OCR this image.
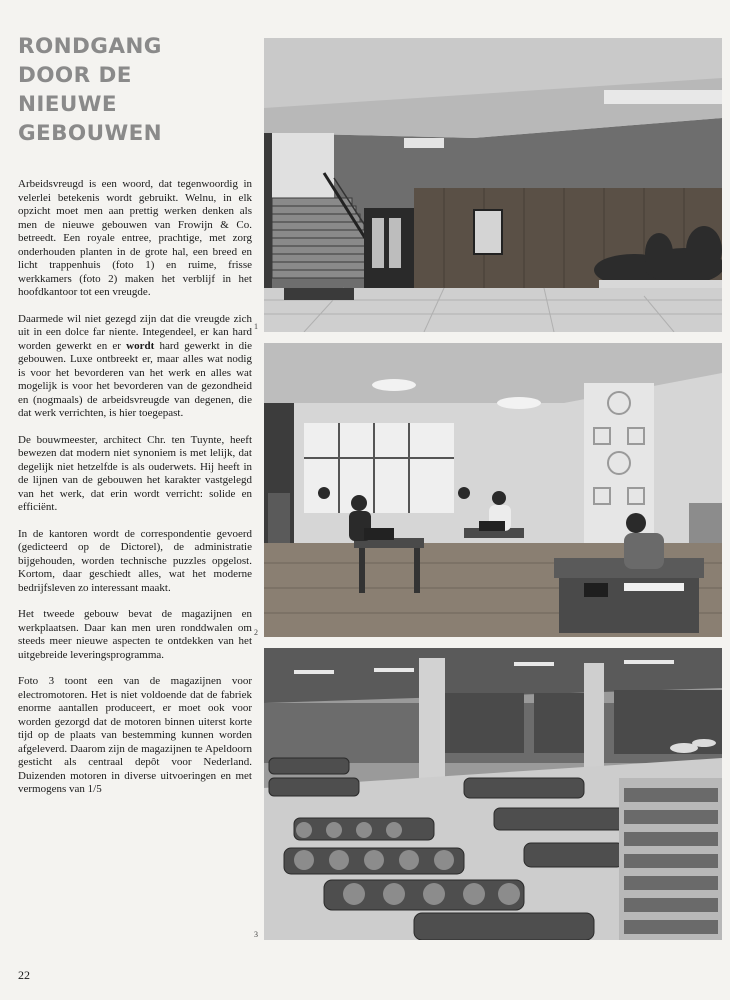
RONDGANG
DOOR DE
NIEUWE
GEBOUWEN

Arbeidsvreugd is een woord, dat tegenwoordig in velerlei betekenis wordt gebruikt. Welnu, in elk opzicht moet men aan prettig werken denken als men de nieuwe gebouwen van Frowijn & Co. betreedt. Een royale entree, prachtige, met zorg onderhouden planten in de grote hal, een breed en licht trappenhuis (foto 1) en ruime, frisse werkkamers (foto 2) maken het verblijf in het hoofdkantoor tot een vreugde.

Daarmede wil niet gezegd zijn dat die vreugde zich uit in een dolce far niente. Integendeel, er kan hard worden gewerkt en er wordt hard gewerkt in die gebouwen. Luxe ontbreekt er, maar alles wat nodig is voor het bevorderen van het werk en alles wat mogelijk is voor het bevorderen van de gezondheid en (nogmaals) de arbeidsvreugde van degenen, die dat werk verrichten, is hier toegepast.

De bouwmeester, architect Chr. ten Tuynte, heeft bewezen dat modern niet synoniem is met lelijk, dat degelijk niet hetzelfde is als ouderwets. Hij heeft in de lijnen van de gebouwen het karakter vastgelegd van het werk, dat erin wordt verricht: solide en efficiënt.

In de kantoren wordt de correspondentie gevoerd (gedicteerd op de Dictorel), de administratie bijgehouden, worden technische puzzles opgelost. Kortom, daar geschiedt alles, wat het moderne bedrijfsleven zo interessant maakt.

Het tweede gebouw bevat de magazijnen en werkplaatsen. Daar kan men uren ronddwalen om steeds meer nieuwe aspecten te ontdekken van het uitgebreide leveringsprogramma.

Foto 3 toont een van de magazijnen voor electromotoren. Het is niet voldoende dat de fabriek enorme aantallen produceert, er moet ook voor worden gezorgd dat de motoren binnen uiterst korte tijd op de plaats van bestemming kunnen worden afgeleverd. Daarom zijn de magazijnen te Apeldoorn gesticht als centraal depôt voor Nederland. Duizenden motoren in diverse uitvoeringen en met vermogens van 1/5

1
2
3
22
